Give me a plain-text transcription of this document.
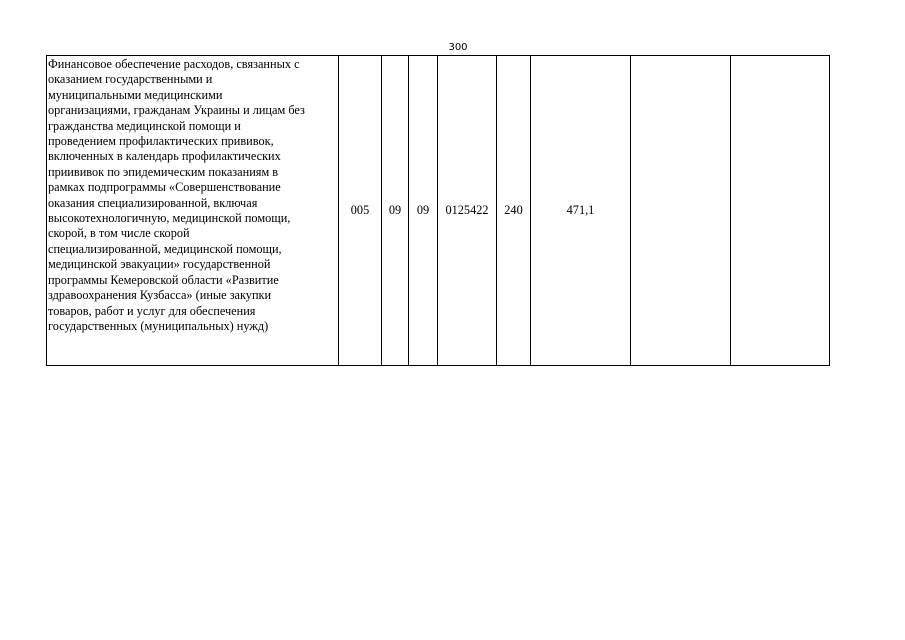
300
Финансовое обеспечение расходов, связанных с
оказанием государственными и
муниципальными медицинскими
организациями, гражданам Украины и лицам без
гражданства медицинской помощи и
проведением профилактических прививок,
включенных в календарь профилактических
приививок по эпидемическим показаниям в
рамках подпрограммы «Совершенствование
оказания специализированной, включая
высокотехнологичную, медицинской помощи,
скорой, в том числе скорой
специализированной, медицинской помощи,
медицинской эвакуации» государственной
программы Кемеровской области «Развитие
здравоохранения Кузбасса» (иные закупки
товаров, работ и услуг для обеспечения
государственных (муниципальных) нужд)	005	09	09	0125422	240	471,1		
